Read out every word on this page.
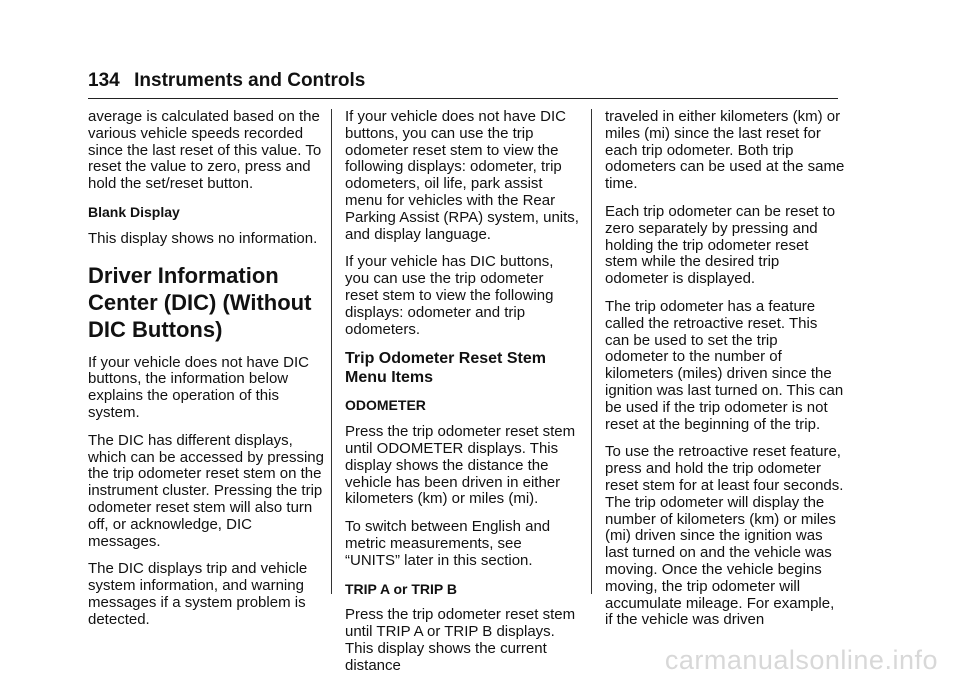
134 Instruments and Controls

average is calculated based on the various vehicle speeds recorded since the last reset of this value. To reset the value to zero, press and hold the set/reset button.

Blank Display

This display shows no information.

Driver Information Center (DIC) (Without DIC Buttons)

If your vehicle does not have DIC buttons, the information below explains the operation of this system.

The DIC has different displays, which can be accessed by pressing the trip odometer reset stem on the instrument cluster. Pressing the trip odometer reset stem will also turn off, or acknowledge, DIC messages.

The DIC displays trip and vehicle system information, and warning messages if a system problem is detected.

If your vehicle does not have DIC buttons, you can use the trip odometer reset stem to view the following displays: odometer, trip odometers, oil life, park assist menu for vehicles with the Rear Parking Assist (RPA) system, units, and display language.

If your vehicle has DIC buttons, you can use the trip odometer reset stem to view the following displays: odometer and trip odometers.

Trip Odometer Reset Stem Menu Items

ODOMETER

Press the trip odometer reset stem until ODOMETER displays. This display shows the distance the vehicle has been driven in either kilometers (km) or miles (mi).

To switch between English and metric measurements, see “UNITS” later in this section.

TRIP A or TRIP B

Press the trip odometer reset stem until TRIP A or TRIP B displays. This display shows the current distance

traveled in either kilometers (km) or miles (mi) since the last reset for each trip odometer. Both trip odometers can be used at the same time.

Each trip odometer can be reset to zero separately by pressing and holding the trip odometer reset stem while the desired trip odometer is displayed.

The trip odometer has a feature called the retroactive reset. This can be used to set the trip odometer to the number of kilometers (miles) driven since the ignition was last turned on. This can be used if the trip odometer is not reset at the beginning of the trip.

To use the retroactive reset feature, press and hold the trip odometer reset stem for at least four seconds. The trip odometer will display the number of kilometers (km) or miles (mi) driven since the ignition was last turned on and the vehicle was moving. Once the vehicle begins moving, the trip odometer will accumulate mileage. For example, if the vehicle was driven

carmanualsonline.info
